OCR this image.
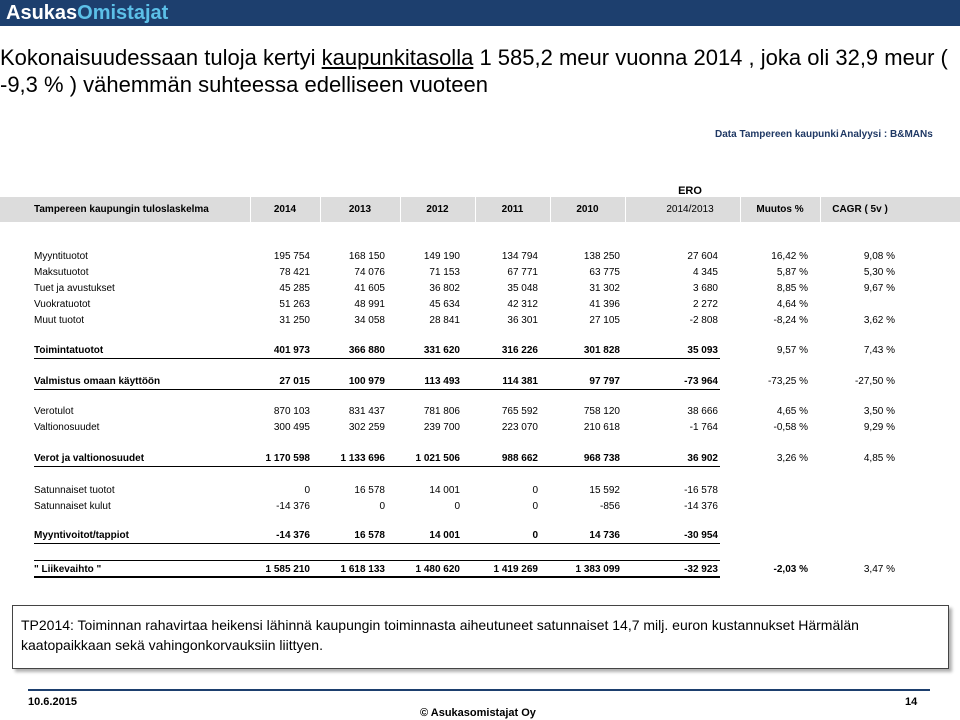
AsukasOmistajat
Kokonaisuudessaan tuloja kertyi kaupunkitasolla 1 585,2 meur vuonna 2014 , joka oli 32,9 meur ( -9,3 % ) vähemmän suhteessa edelliseen vuoteen
Data Tampereen kaupunki Analyysi : B&MANs
ERO
Tampereen kaupungin tuloslaskelma	2014	2013	2012	2011	2010	2014/2013	Muutos %	CAGR ( 5v )
Myyntituotot	195 754	168 150	149 190	134 794	138 250	27 604	16,42 %	9,08 %
Maksutuotot	78 421	74 076	71 153	67 771	63 775	4 345	5,87 %	5,30 %
Tuet ja avustukset	45 285	41 605	36 802	35 048	31 302	3 680	8,85 %	9,67 %
Vuokratuotot	51 263	48 991	45 634	42 312	41 396	2 272	4,64 %
Muut tuotot	31 250	34 058	28 841	36 301	27 105	-2 808	-8,24 %	3,62 %
Toimintatuotot	401 973	366 880	331 620	316 226	301 828	35 093	9,57 %	7,43 %
Valmistus omaan käyttöön	27 015	100 979	113 493	114 381	97 797	-73 964	-73,25 %	-27,50 %
Verotulot	870 103	831 437	781 806	765 592	758 120	38 666	4,65 %	3,50 %
Valtionosuudet	300 495	302 259	239 700	223 070	210 618	-1 764	-0,58 %	9,29 %
Verot ja valtionosuudet	1 170 598	1 133 696	1 021 506	988 662	968 738	36 902	3,26 %	4,85 %
Satunnaiset tuotot	0	16 578	14 001	0	15 592	-16 578
Satunnaiset kulut	-14 376	0	0	0	-856	-14 376
Myyntivoitot/tappiot	-14 376	16 578	14 001	0	14 736	-30 954
" Liikevaihto "	1 585 210	1 618 133	1 480 620	1 419 269	1 383 099	-32 923	-2,03 %	3,47 %
TP2014: Toiminnan rahavirtaa heikensi lähinnä kaupungin toiminnasta aiheutuneet satunnaiset 14,7 milj. euron kustannukset Härmälän kaatopaikkaan sekä vahingonkorvauksiin liittyen.
10.6.2015
© Asukasomistajat Oy
14
